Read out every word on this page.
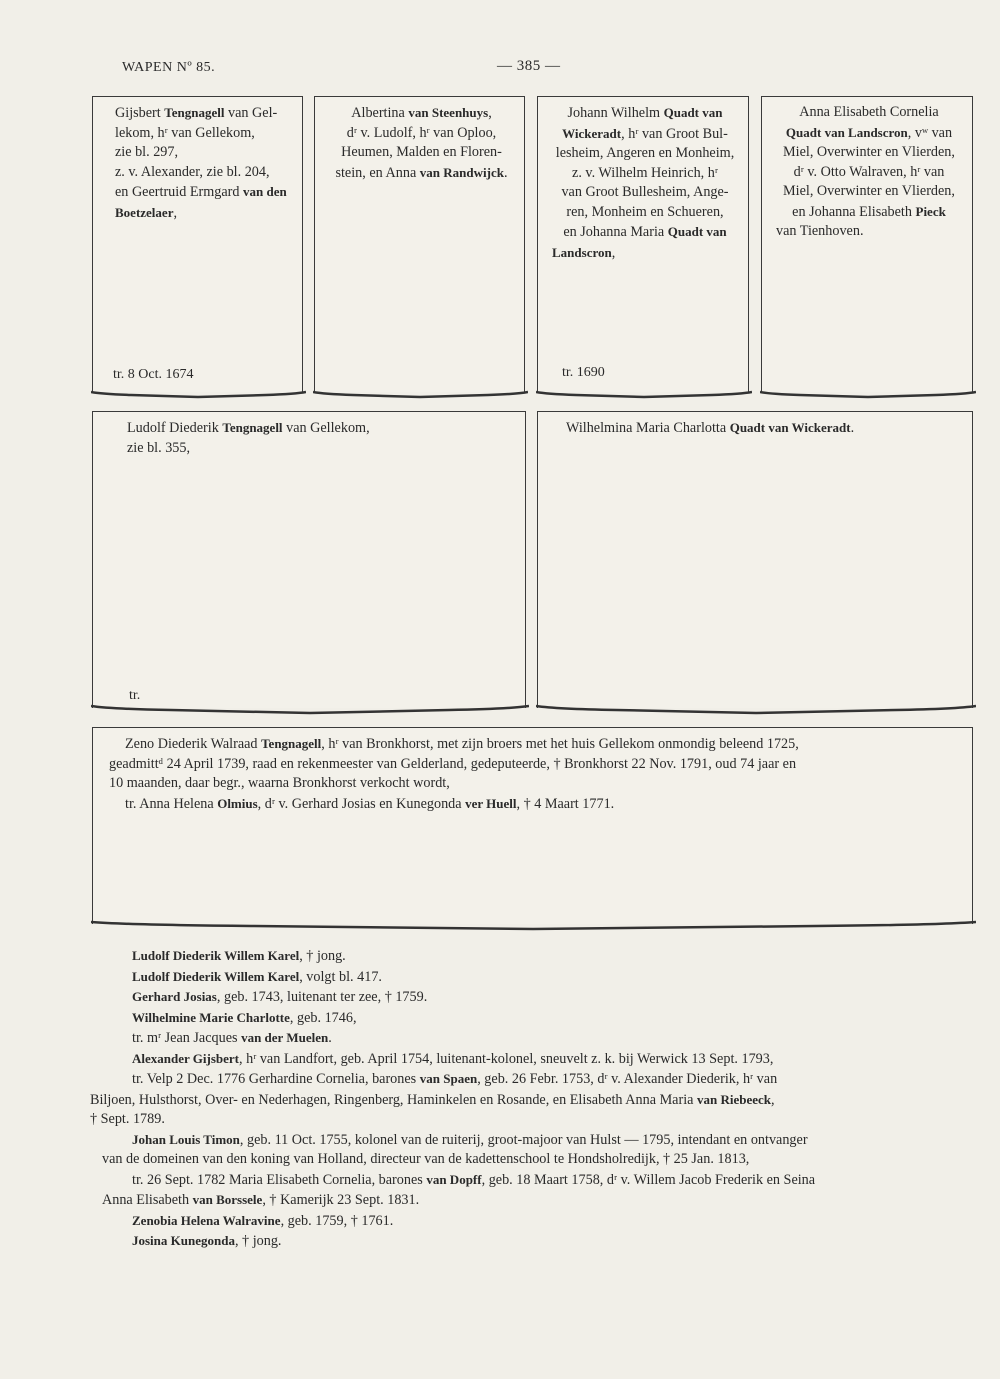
WAPEN Nº 85.	— 385 —
Gijsbert Tengnagell van Gel-
lekom, hʳ van Gellekom,
zie bl. 297,
z. v. Alexander, zie bl. 204,
en Geertruid Ermgard van den
Boetzelaer,
tr. 8 Oct. 1674
Albertina van Steenhuys,
dʳ v. Ludolf, hʳ van Oploo,
Heumen, Malden en Floren-
stein, en Anna van Randwijck.
Johann Wilhelm Quadt van
Wickeradt, hʳ van Groot Bul-
lesheim, Angeren en Monheim,
z. v. Wilhelm Heinrich, hʳ
van Groot Bullesheim, Ange-
ren, Monheim en Schueren,
en Johanna Maria Quadt van

Landscron,
tr. 1690
Anna Elisabeth Cornelia
Quadt van Landscron, vʷ van
Miel, Overwinter en Vlierden,
dʳ v. Otto Walraven, hʳ van
Miel, Overwinter en Vlierden,
en Johanna Elisabeth Pieck

van Tienhoven.
Ludolf Diederik Tengnagell van Gellekom,
zie bl. 355,
tr.
Wilhelmina Maria Charlotta Quadt van Wickeradt.
Zeno Diederik Walraad Tengnagell, hʳ van Bronkhorst, met zijn broers met het huis Gellekom onmondig beleend 1725,
geadmittᵈ 24 April 1739, raad en rekenmeester van Gelderland, gedeputeerde, † Bronkhorst 22 Nov. 1791, oud 74 jaar en
10 maanden, daar begr., waarna Bronkhorst verkocht wordt,
tr. Anna Helena Olmius, dʳ v. Gerhard Josias en Kunegonda ver Huell, † 4 Maart 1771.

Ludolf Diederik Willem Karel, † jong.

Ludolf Diederik Willem Karel, volgt bl. 417.

Gerhard Josias, geb. 1743, luitenant ter zee, † 1759.

Wilhelmine Marie Charlotte, geb. 1746,

tr. mʳ Jean Jacques van der Muelen.

Alexander Gijsbert, hʳ van Landfort, geb. April 1754, luitenant-kolonel, sneuvelt z. k. bij Werwick 13 Sept. 1793,

tr. Velp 2 Dec. 1776 Gerhardine Cornelia, barones van Spaen, geb. 26 Febr. 1753, dʳ v. Alexander Diederik, hʳ van

Biljoen, Hulsthorst, Over- en Nederhagen, Ringenberg, Haminkelen en Rosande, en Elisabeth Anna Maria van Riebeeck,

† Sept. 1789.

Johan Louis Timon, geb. 11 Oct. 1755, kolonel van de ruiterij, groot-majoor van Hulst — 1795, intendant en ontvanger

van de domeinen van den koning van Holland, directeur van de kadettenschool te Hondsholredijk, † 25 Jan. 1813,

tr. 26 Sept. 1782 Maria Elisabeth Cornelia, barones van Dopff, geb. 18 Maart 1758, dʳ v. Willem Jacob Frederik en Seina

Anna Elisabeth van Borssele, † Kamerijk 23 Sept. 1831.

Zenobia Helena Walravine, geb. 1759, † 1761.

Josina Kunegonda, † jong.
